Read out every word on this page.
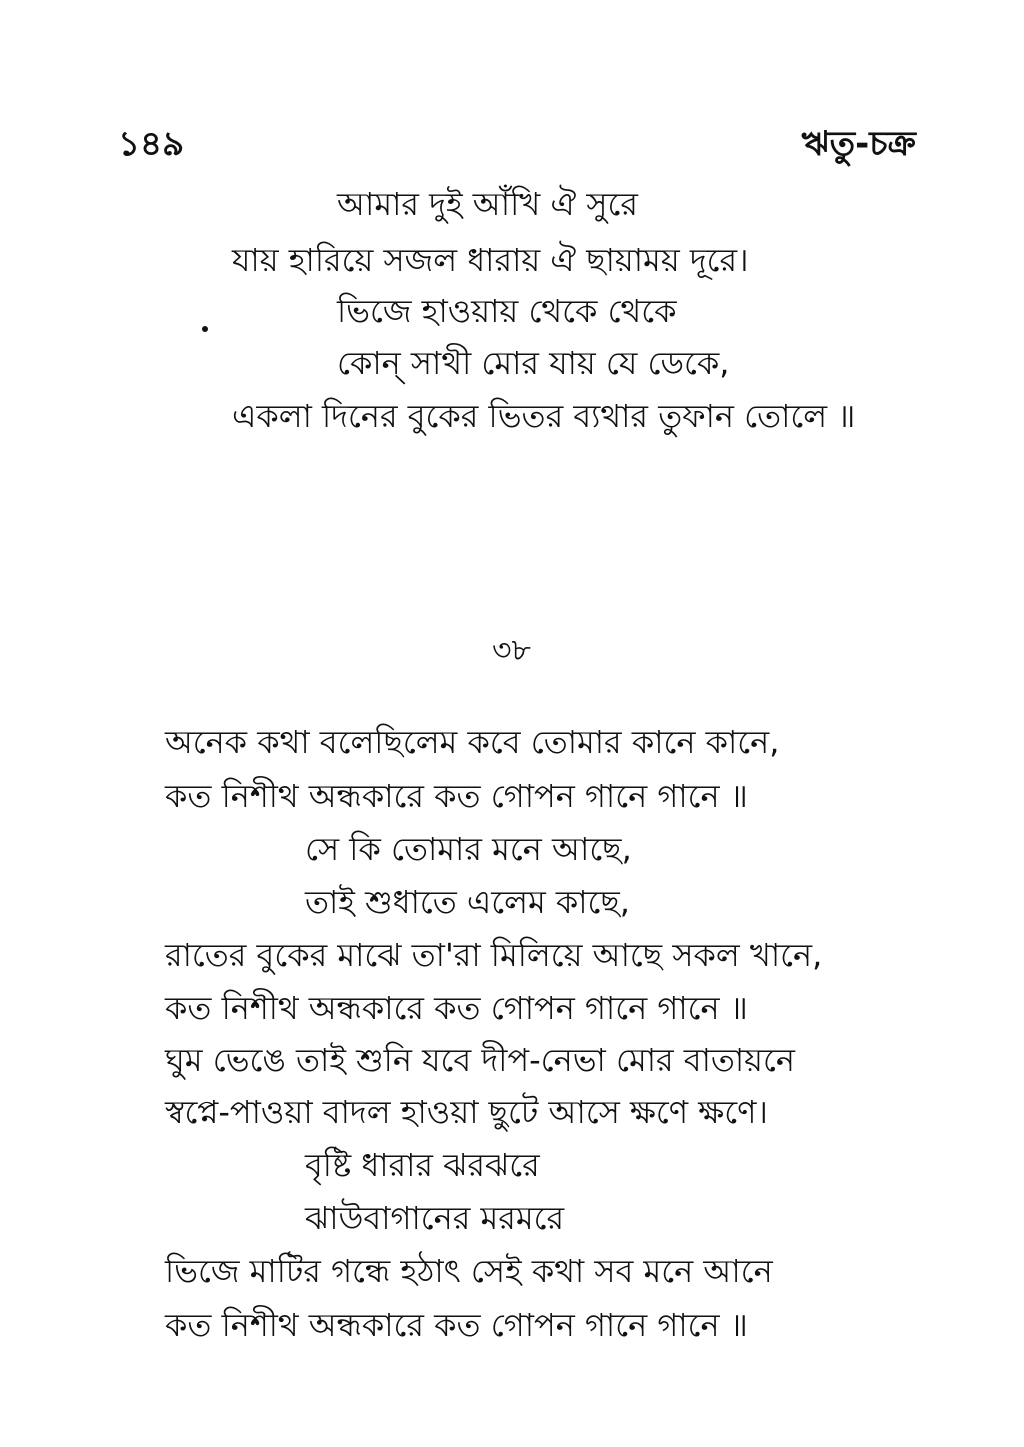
১৪৯	ঋতু-চক্র
আমার দুই আঁখি ঐ সুরে
যায় হারিয়ে সজল ধারায় ঐ ছায়াময় দূরে।
ভিজে হাওয়ায় থেকে থেকে
কোন্ সাথী মোর যায় যে ডেকে,
একলা দিনের বুকের ভিতর ব্যথার তুফান তোলে ॥
৩৮
অনেক কথা বলেছিলেম কবে তোমার কানে কানে,
কত নিশীথ অন্ধকারে কত গোপন গানে গানে ॥
সে কি তোমার মনে আছে,
তাই শুধাতে এলেম কাছে,
রাতের বুকের মাঝে তা'রা মিলিয়ে আছে সকল খানে,
কত নিশীথ অন্ধকারে কত গোপন গানে গানে ॥
ঘুম ভেঙে তাই শুনি যবে দীপ-নেভা মোর বাতায়নে
স্বপ্নে-পাওয়া বাদল হাওয়া ছুটে আসে ক্ষণে ক্ষণে।
বৃষ্টি ধারার ঝরঝরে
ঝাউবাগানের মরমরে
ভিজে মাটির গন্ধে হঠাৎ সেই কথা সব মনে আনে
কত নিশীথ অন্ধকারে কত গোপন গানে গানে ॥
